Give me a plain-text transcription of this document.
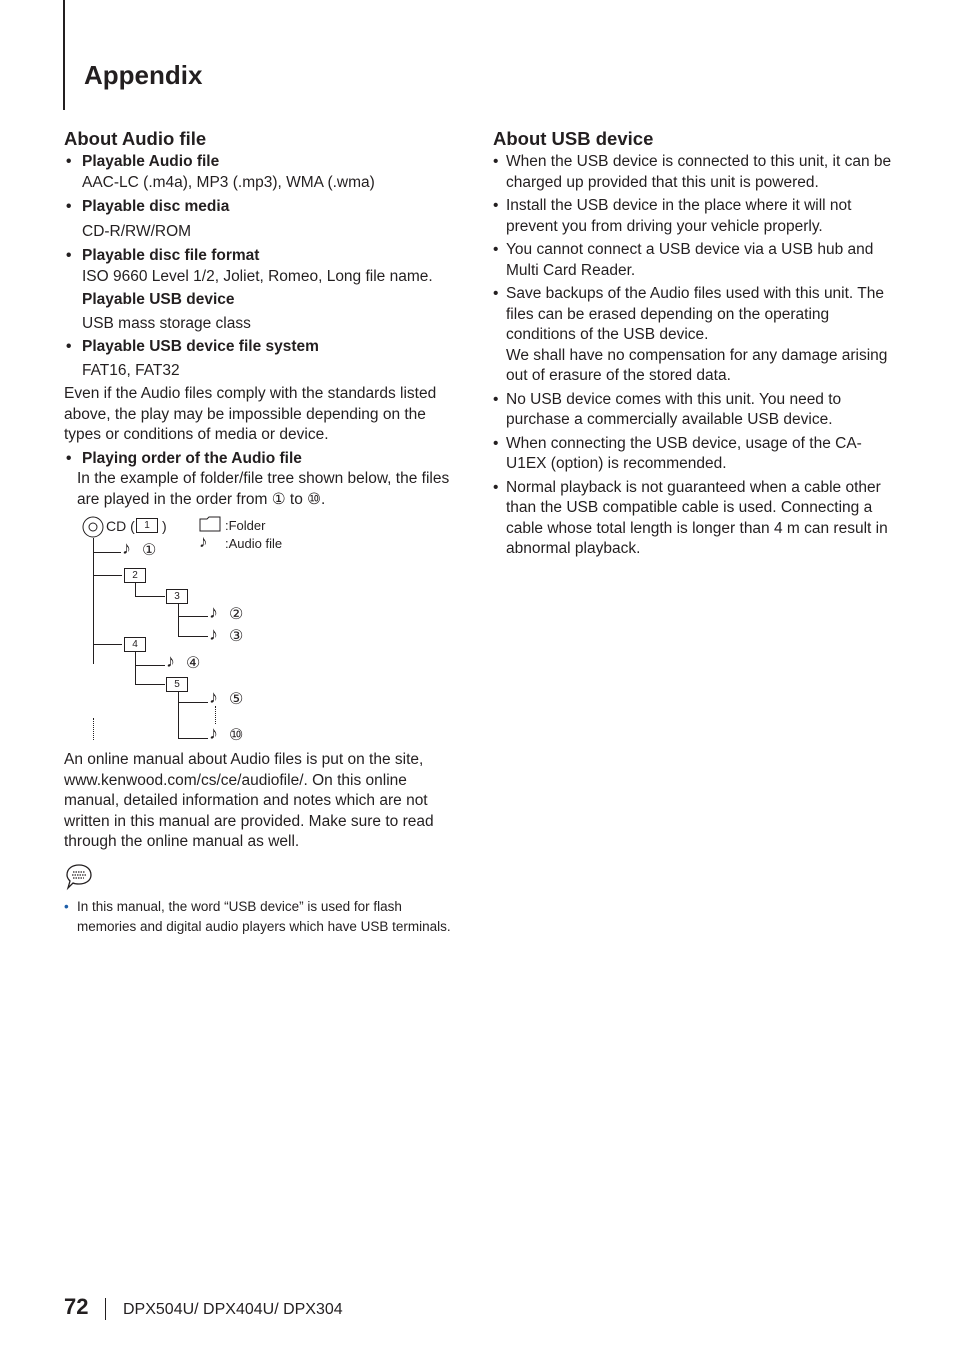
Appendix
About Audio file
• Playable Audio file
AAC-LC (.m4a), MP3 (.mp3), WMA (.wma)
• Playable disc media
CD-R/RW/ROM
• Playable disc file format
ISO 9660 Level 1/2, Joliet, Romeo, Long file name.
Playable USB device
USB mass storage class
• Playable USB device file system
FAT16, FAT32
Even if the Audio files comply with the standards listed above, the play may be impossible depending on the types or conditions of media or device.
• Playing order of the Audio file
In the example of folder/file tree shown below, the files are played in the order from ① to ⑩.
CD ( 1 )	:Folder
♪ :Audio file
♪ ①
2
3
♪ ②
♪ ③
4
♪ ④
5
♪ ⑤
♪ ⑩
An online manual about Audio files is put on the site, www.kenwood.com/cs/ce/audiofile/. On this online manual, detailed information and notes which are not written in this manual are provided. Make sure to read through the online manual as well.
• In this manual, the word “USB device” is used for flash memories and digital audio players which have USB terminals.
About USB device
• When the USB device is connected to this unit, it can be charged up provided that this unit is powered.
• Install the USB device in the place where it will not prevent you from driving your vehicle properly.
• You cannot connect a USB device via a USB hub and Multi Card Reader.
• Save backups of the Audio files used with this unit. The files can be erased depending on the operating conditions of the USB device.
We shall have no compensation for any damage arising out of erasure of the stored data.
• No USB device comes with this unit. You need to purchase a commercially available USB device.
• When connecting the USB device, usage of the CA-U1EX (option) is recommended.
• Normal playback is not guaranteed when a cable other than the USB compatible cable is used. Connecting a cable whose total length is longer than 4 m can result in abnormal playback.
72 DPX504U/ DPX404U/ DPX304
